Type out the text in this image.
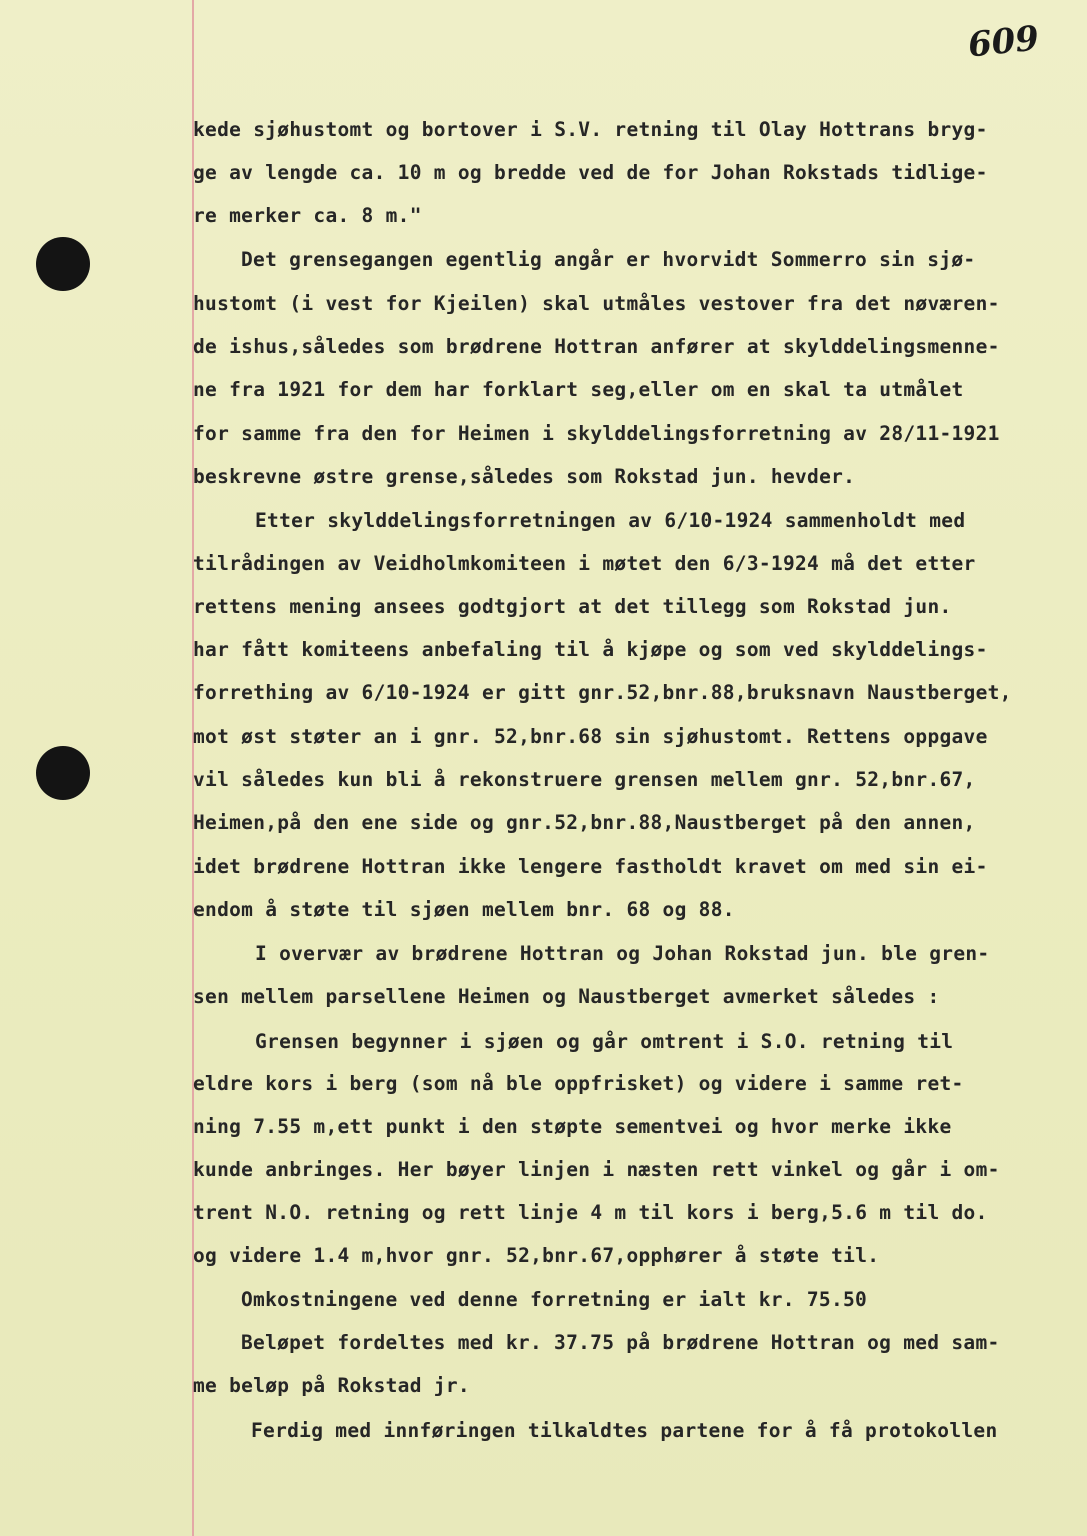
609
kede sjøhustomt og bortover i S.V. retning til Olay Hottrans bryg-
ge av lengde ca. 10 m og bredde ved de for Johan Rokstads tidlige-
re merker ca. 8 m."
Det grensegangen egentlig angår er hvorvidt Sommerro sin sjø-
hustomt (i vest for Kjeilen) skal utmåles vestover fra det nøværen-
de ishus,således som brødrene Hottran anfører at skylddelingsmenne-
ne fra 1921 for dem har forklart seg,eller om en skal ta utmålet
for samme fra den for Heimen i skylddelingsforretning av 28/11-1921
beskrevne østre grense,således som Rokstad jun. hevder.
Etter skylddelingsforretningen av 6/10-1924 sammenholdt med
tilrådingen av Veidholmkomiteen i møtet den 6/3-1924 må det etter
rettens mening ansees godtgjort at det tillegg som Rokstad jun.
har fått komiteens anbefaling til å kjøpe og som ved skylddelings-
forrething av 6/10-1924 er gitt gnr.52,bnr.88,bruksnavn Naustberget,
mot øst støter an i gnr. 52,bnr.68 sin sjøhustomt. Rettens oppgave
vil således kun bli å rekonstruere grensen mellem gnr. 52,bnr.67,
Heimen,på den ene side og gnr.52,bnr.88,Naustberget på den annen,
idet brødrene Hottran ikke lengere fastholdt kravet om med sin ei-
endom å støte til sjøen mellem bnr. 68 og 88.
I overvær av brødrene Hottran og Johan Rokstad jun. ble gren-
sen mellem parsellene Heimen og Naustberget avmerket således :
Grensen begynner i sjøen og går omtrent i S.O. retning til
eldre kors i berg (som nå ble oppfrisket) og videre i samme ret-
ning 7.55 m,ett punkt i den støpte sementvei og hvor merke ikke
kunde anbringes. Her bøyer linjen i næsten rett vinkel og går i om-
trent N.O. retning og rett linje 4 m til kors i berg,5.6 m til do.
og videre 1.4 m,hvor gnr. 52,bnr.67,opphører å støte til.
Omkostningene ved denne forretning er ialt kr. 75.50
Beløpet fordeltes med kr. 37.75 på brødrene Hottran og med sam-
me beløp på Rokstad jr.
Ferdig med innføringen tilkaldtes partene for å få protokollen
